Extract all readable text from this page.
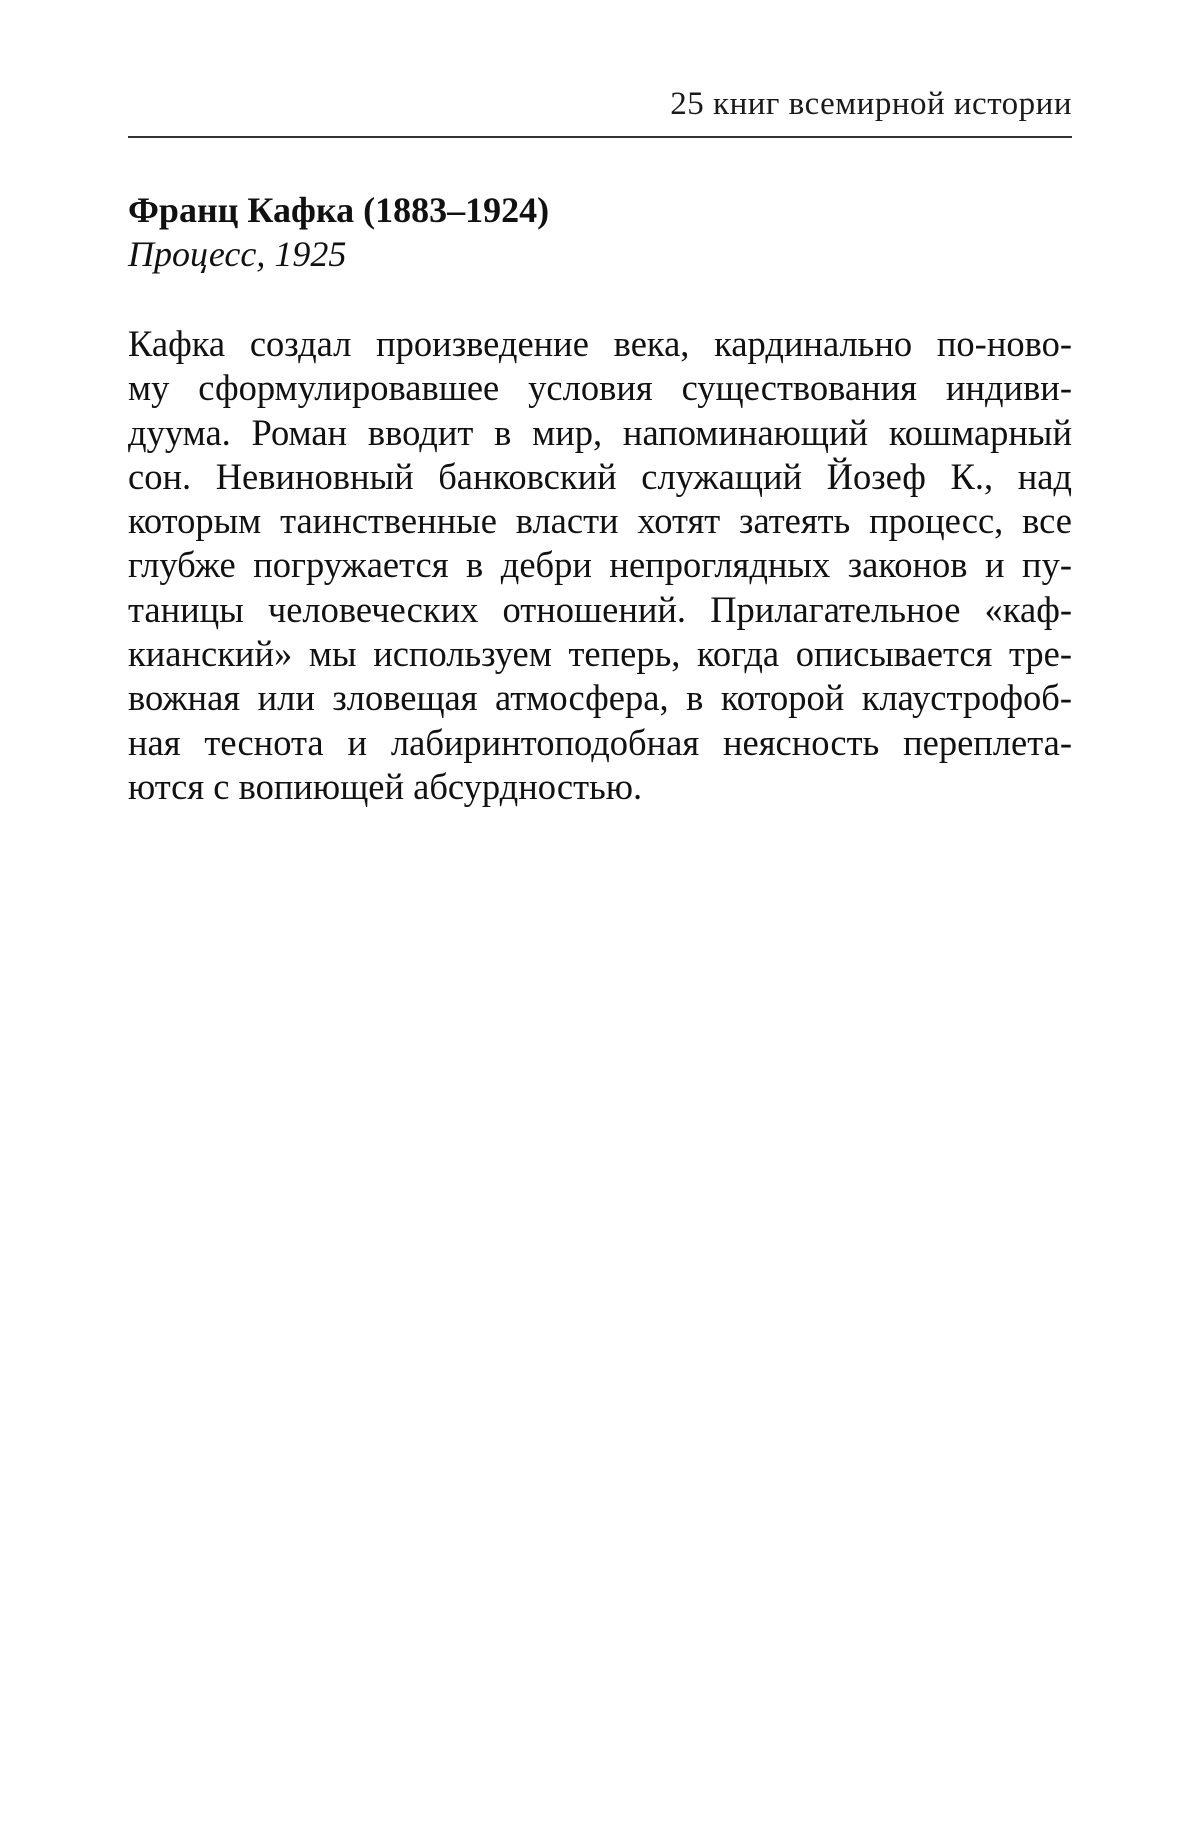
25 книг всемирной истории
Франц Кафка (1883–1924)
Процесс, 1925
Кафка создал произведение века, кардинально по-ново-
му сформулировавшее условия существования индиви-
дуума. Роман вводит в мир, напоминающий кошмарный
сон. Невиновный банковский служащий Йозеф К., над
которым таинственные власти хотят затеять процесс, все
глубже погружается в дебри непроглядных законов и пу-
таницы человеческих отношений. Прилагательное «каф-
кианский» мы используем теперь, когда описывается тре-
вожная или зловещая атмосфера, в которой клаустрофоб-
ная теснота и лабиринтоподобная неясность переплета-
ются с вопиющей абсурдностью.
